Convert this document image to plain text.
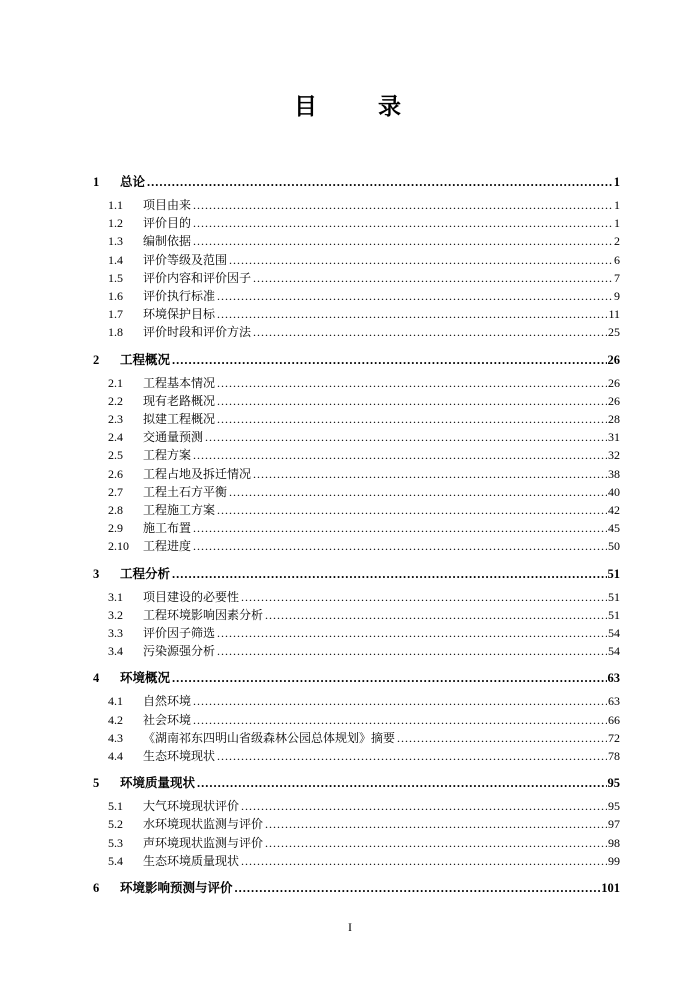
目　　录
1	总论 .....	1
1.1	项目由来 .....	1
1.2	评价目的 .....	1
1.3	编制依据 .....	2
1.4	评价等级及范围 .....	6
1.5	评价内容和评价因子 .....	7
1.6	评价执行标准 .....	9
1.7	环境保护目标 .....	11
1.8	评价时段和评价方法 .....	25
2	工程概况 .....	26
2.1	工程基本情况 .....	26
2.2	现有老路概况 .....	26
2.3	拟建工程概况 .....	28
2.4	交通量预测 .....	31
2.5	工程方案 .....	32
2.6	工程占地及拆迁情况 .....	38
2.7	工程土石方平衡 .....	40
2.8	工程施工方案 .....	42
2.9	施工布置 .....	45
2.10	工程进度 .....	50
3	工程分析 .....	51
3.1	项目建设的必要性 .....	51
3.2	工程环境影响因素分析 .....	51
3.3	评价因子筛选 .....	54
3.4	污染源强分析 .....	54
4	环境概况 .....	63
4.1	自然环境 .....	63
4.2	社会环境 .....	66
4.3	《湖南祁东四明山省级森林公园总体规划》摘要 .....	72
4.4	生态环境现状 .....	78
5	环境质量现状 .....	95
5.1	大气环境现状评价 .....	95
5.2	水环境现状监测与评价 .....	97
5.3	声环境现状监测与评价 .....	98
5.4	生态环境质量现状 .....	99
6	环境影响预测与评价 .....	101
I
